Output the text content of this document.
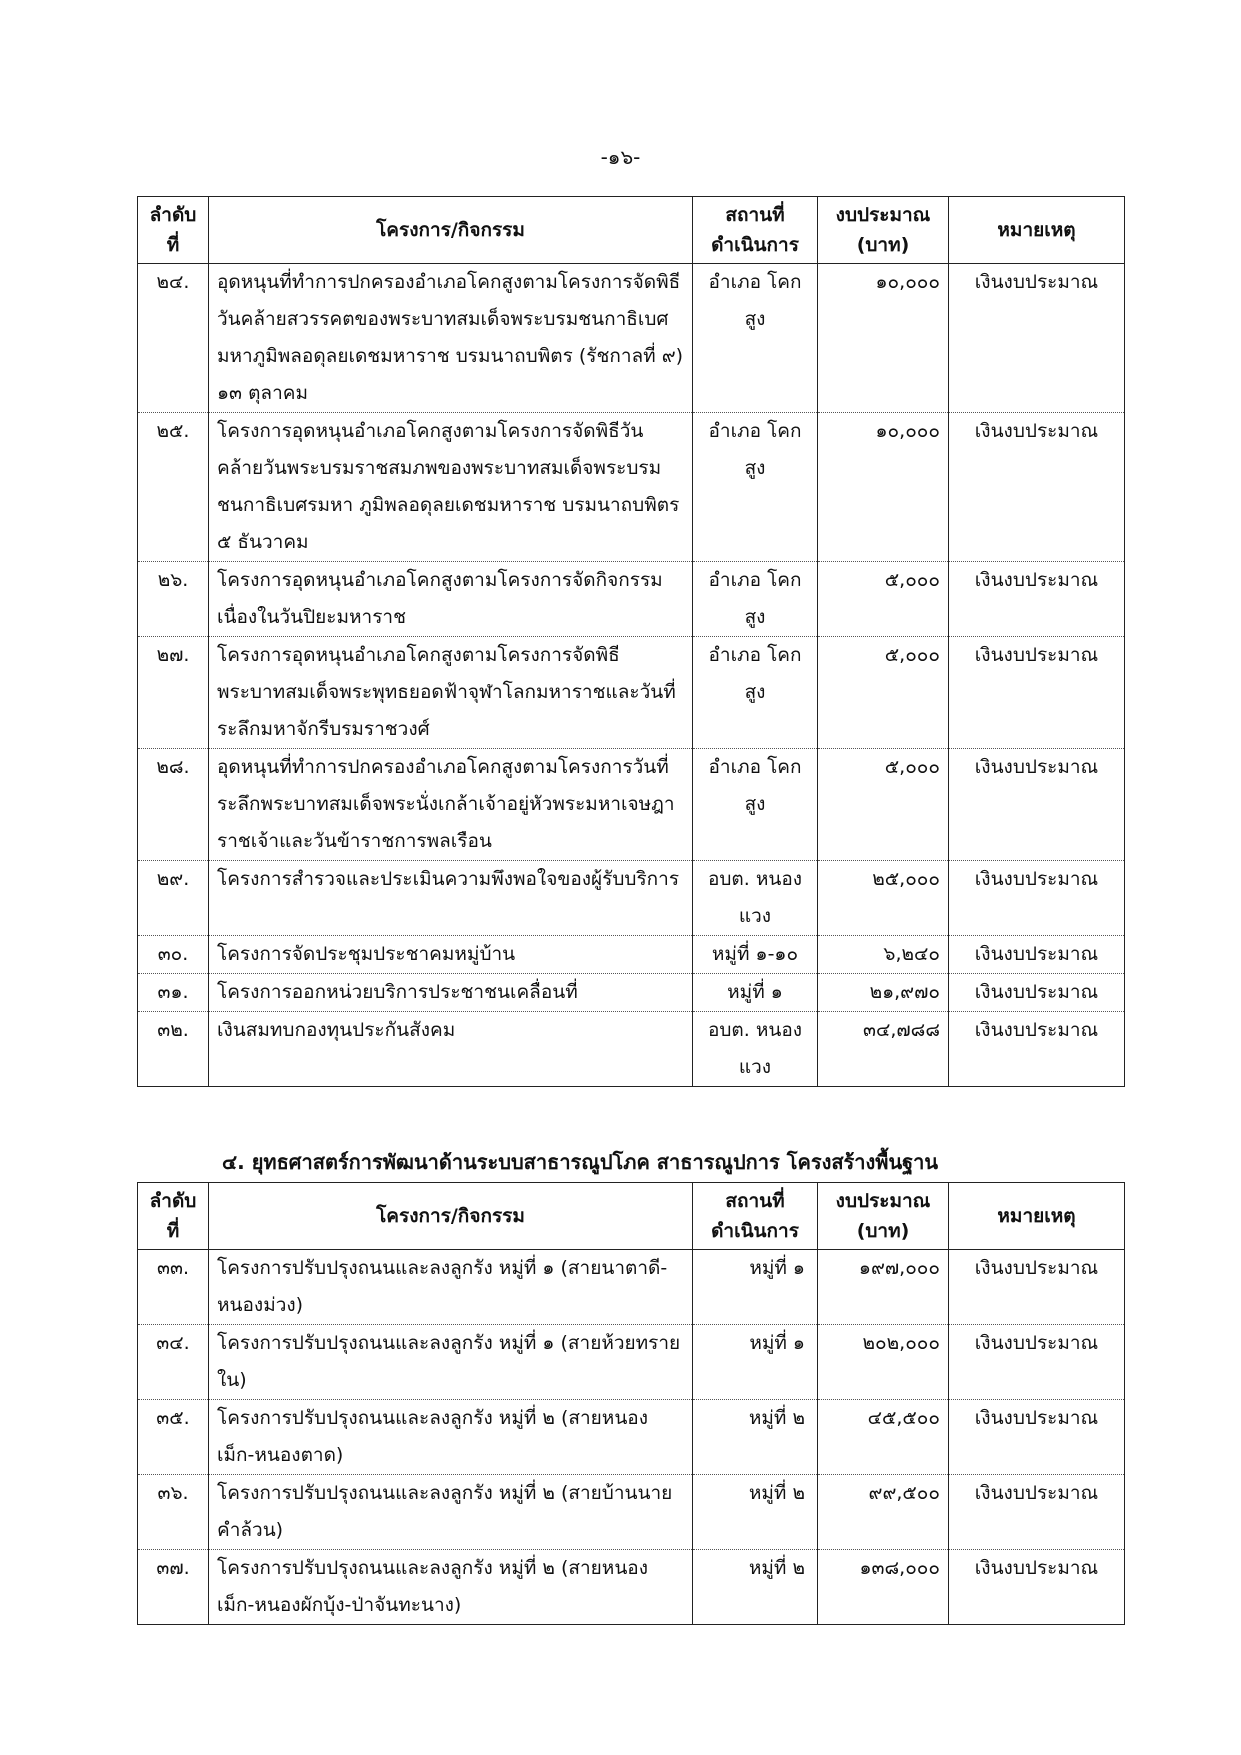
-๑๖-
ลำดับ ที่	โครงการ/กิจกรรม	สถานที่ ดำเนินการ	งบประมาณ (บาท)	หมายเหตุ
๒๔.	อุดหนุนที่ทำการปกครองอำเภอโคกสูงตามโครงการจัดพิธีวันคล้ายสวรรคตของพระบาทสมเด็จพระบรมชนกาธิเบศมหาภูมิพลอดุลยเดชมหาราช บรมนาถบพิตร (รัชกาลที่ ๙) ๑๓ ตุลาคม	อำเภอ โคกสูง	๑๐,๐๐๐	เงินงบประมาณ
๒๕.	โครงการอุดหนุนอำเภอโคกสูงตามโครงการจัดพิธีวันคล้ายวันพระบรมราชสมภพของพระบาทสมเด็จพระบรมชนกาธิเบศรมหา ภูมิพลอดุลยเดชมหาราช บรมนาถบพิตร ๕ ธันวาคม	อำเภอ โคกสูง	๑๐,๐๐๐	เงินงบประมาณ
๒๖.	โครงการอุดหนุนอำเภอโคกสูงตามโครงการจัดกิจกรรมเนื่องในวันปิยะมหาราช	อำเภอ โคกสูง	๕,๐๐๐	เงินงบประมาณ
๒๗.	โครงการอุดหนุนอำเภอโคกสูงตามโครงการจัดพิธีพระบาทสมเด็จพระพุทธยอดฟ้าจุฬาโลกมหาราชและวันที่ระลึกมหาจักรีบรมราชวงศ์	อำเภอ โคกสูง	๕,๐๐๐	เงินงบประมาณ
๒๘.	อุดหนุนที่ทำการปกครองอำเภอโคกสูงตามโครงการวันที่ระลึกพระบาทสมเด็จพระนั่งเกล้าเจ้าอยู่หัวพระมหาเจษฎาราชเจ้าและวันข้าราชการพลเรือน	อำเภอ โคกสูง	๕,๐๐๐	เงินงบประมาณ
๒๙.	โครงการสำรวจและประเมินความพึงพอใจของผู้รับบริการ	อบต. หนองแวง	๒๕,๐๐๐	เงินงบประมาณ
๓๐.	โครงการจัดประชุมประชาคมหมู่บ้าน	หมู่ที่ ๑-๑๐	๖,๒๔๐	เงินงบประมาณ
๓๑.	โครงการออกหน่วยบริการประชาชนเคลื่อนที่	หมู่ที่ ๑	๒๑,๙๗๐	เงินงบประมาณ
๓๒.	เงินสมทบกองทุนประกันสังคม	อบต. หนองแวง	๓๔,๗๘๘	เงินงบประมาณ
๔. ยุทธศาสตร์การพัฒนาด้านระบบสาธารณูปโภค สาธารณูปการ โครงสร้างพื้นฐาน
ลำดับ ที่	โครงการ/กิจกรรม	สถานที่ ดำเนินการ	งบประมาณ (บาท)	หมายเหตุ
๓๓.	โครงการปรับปรุงถนนและลงลูกรัง หมู่ที่ ๑ (สายนาตาดี-หนองม่วง)	หมู่ที่ ๑	๑๙๗,๐๐๐	เงินงบประมาณ
๓๔.	โครงการปรับปรุงถนนและลงลูกรัง หมู่ที่ ๑ (สายห้วยทรายใน)	หมู่ที่ ๑	๒๐๒,๐๐๐	เงินงบประมาณ
๓๕.	โครงการปรับปรุงถนนและลงลูกรัง หมู่ที่ ๒ (สายหนองเม็ก-หนองตาด)	หมู่ที่ ๒	๔๕,๕๐๐	เงินงบประมาณ
๓๖.	โครงการปรับปรุงถนนและลงลูกรัง หมู่ที่ ๒ (สายบ้านนายคำล้วน)	หมู่ที่ ๒	๙๙,๕๐๐	เงินงบประมาณ
๓๗.	โครงการปรับปรุงถนนและลงลูกรัง หมู่ที่ ๒ (สายหนองเม็ก-หนองผักบุ้ง-ป่าจันทะนาง)	หมู่ที่ ๒	๑๓๘,๐๐๐	เงินงบประมาณ
